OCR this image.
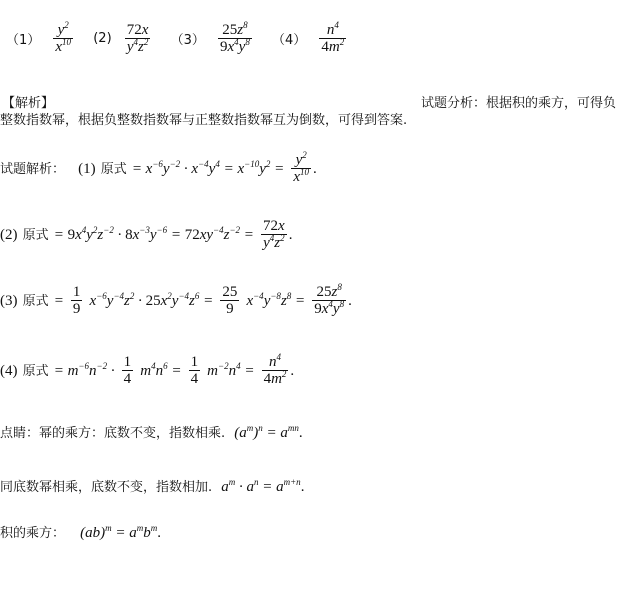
$(1) \frac{y^2}{x^{10}} (2) \frac{72x}{y^4z^2} (3) \frac{25z^8}{9x^4y^8} (4) \frac{n^4}{4m^2}$
【解析】	试题分析：根据积的乘方，可得负
整数指数幂，根据负整数指数幂与正整数指数幂互为倒数，可得到答案.
试题解析： (1) 原式 = $x^{-6}y^{-2} \cdot x^{-4}y^4 = x^{-10}y^2 = \frac{y^2}{x^{10}}$ .
(2) 原式 = $9x^4y^2z^{-2} \cdot 8x^{-3}y^{-6} = 72xy^{-4}z^{-2} = \frac{72x}{y^4z^2}$ .
(3) 原式 = $\frac{1}{9} x^{-6}y^{-4}z^2 \cdot 25x^2y^{-4}z^6 = \frac{25}{9} x^{-4}y^{-8}z^8 = \frac{25z^8}{9x^4y^8}$ .
(4) 原式 = $m^{-6}n^{-2} \cdot \frac{1}{4} m^4n^6 = \frac{1}{4} m^{-2}n^4 = \frac{n^4}{4m^2}$ .
点睛：幂的乘方：底数不变，指数相乘. $(a^m)^n = a^{mn}$.
同底数幂相乘，底数不变，指数相加. $a^m \cdot a^n = a^{m+n}$.
积的乘方： $(ab)^m = a^mb^m$.
